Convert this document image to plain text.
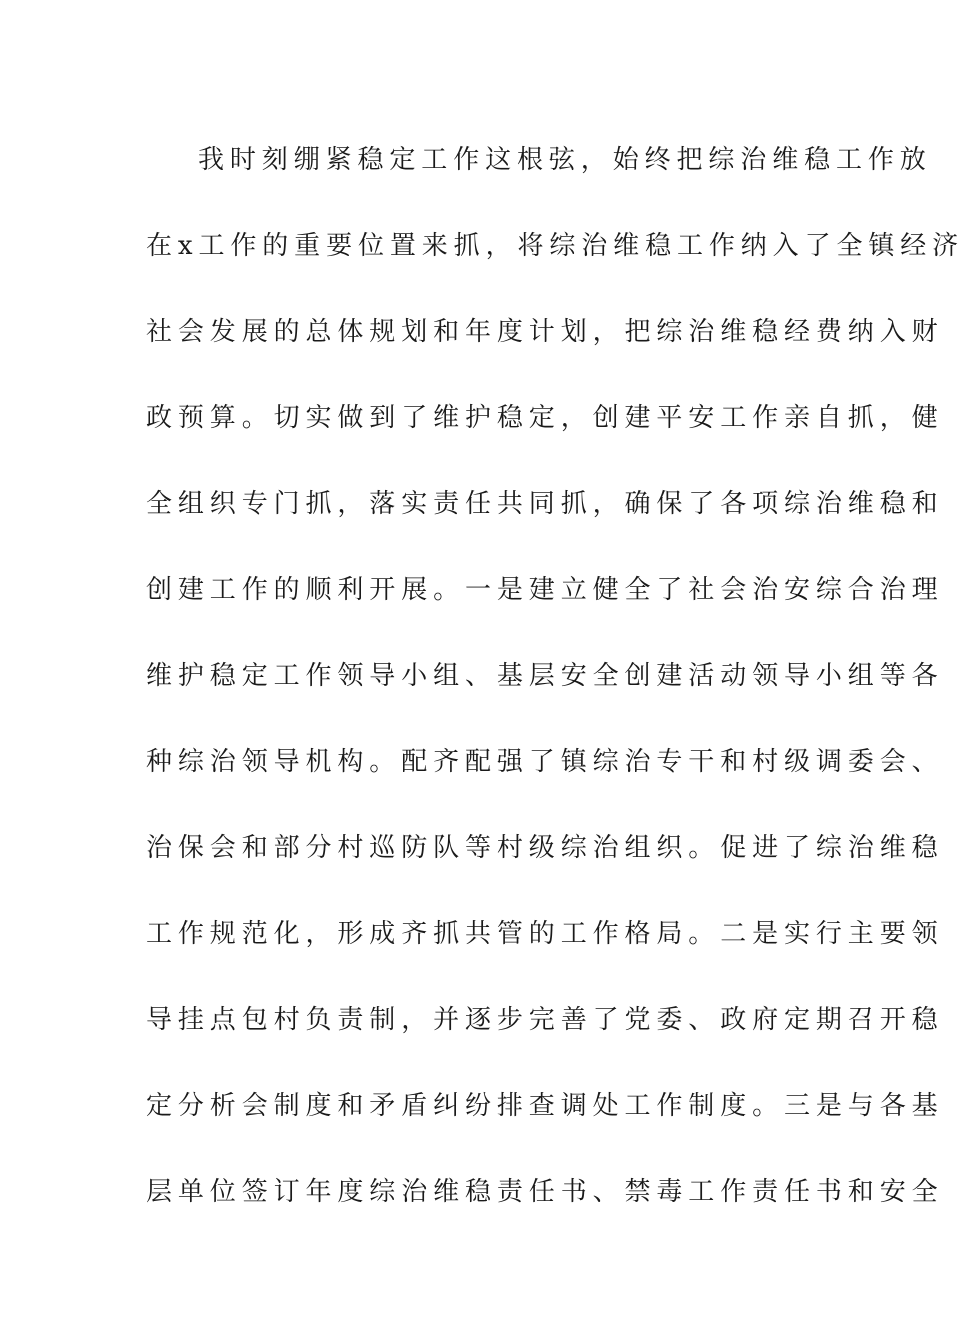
我时刻绷紧稳定工作这根弦，始终把综治维稳工作放
在x工作的重要位置来抓，将综治维稳工作纳入了全镇经济
社会发展的总体规划和年度计划，把综治维稳经费纳入财
政预算。切实做到了维护稳定，创建平安工作亲自抓，健
全组织专门抓，落实责任共同抓，确保了各项综治维稳和
创建工作的顺利开展。一是建立健全了社会治安综合治理
维护稳定工作领导小组、基层安全创建活动领导小组等各
种综治领导机构。配齐配强了镇综治专干和村级调委会、
治保会和部分村巡防队等村级综治组织。促进了综治维稳
工作规范化，形成齐抓共管的工作格局。二是实行主要领
导挂点包村负责制，并逐步完善了党委、政府定期召开稳
定分析会制度和矛盾纠纷排查调处工作制度。三是与各基
层单位签订年度综治维稳责任书、禁毒工作责任书和安全
